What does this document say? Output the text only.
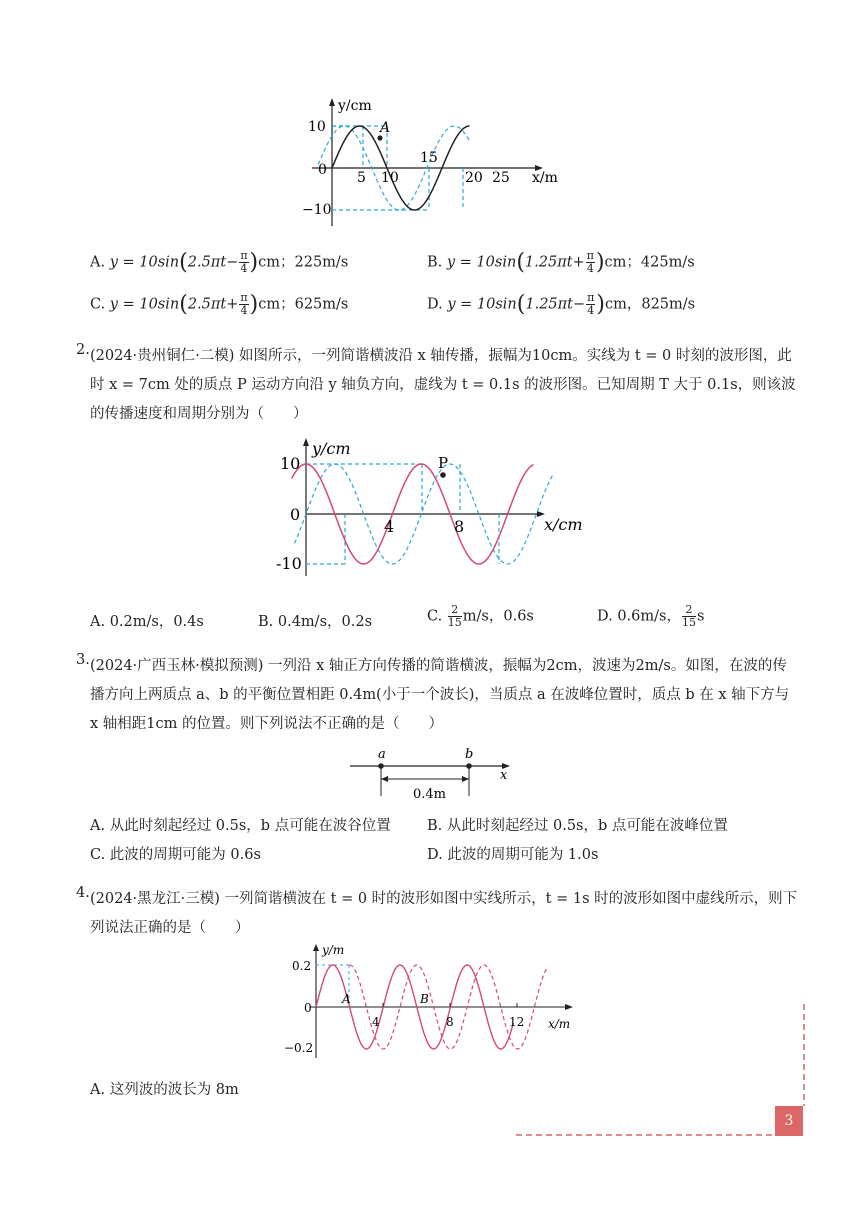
A
y/cm
x/m
10
0
−10
5 10
15
20 25
A. $y = 10\sin(2.5\pi t- \frac{\pi}{4} )cm$；225m/s	B. $y = 10\sin(1.25\pi t+ \frac{\pi}{4} )cm$；425m/s
C. $y = 10\sin(2.5\pi t+ \frac{\pi}{4} )cm$；625m/s	D. $y = 10\sin(1.25\pi t- \frac{\pi}{4} )cm$，825m/s
2. (2024·贵州铜仁·二模) 如图所示，一列简谐横波沿 x 轴传播，振幅为10cm。实线为 t = 0 时刻的波形图，此时 x = 7cm 处的质点 P 运动方向沿 y 轴负方向，虚线为 t = 0.1s 的波形图。已知周期 T 大于 0.1s，则该波的传播速度和周期分别为（　　）
P
y/cm
x/cm
10
0
-10
4	8
A. 0.2m/s，0.4s	B. 0.4m/s，0.2s	C. $\frac{2}{15} m/s$，0.6s	D. 0.6m/s， $\frac{2}{15}$ s
3. (2024·广西玉林·模拟预测) 一列沿 x 轴正方向传播的简谐横波，振幅为2cm，波速为2m/s。如图，在波的传播方向上两质点 a、b 的平衡位置相距 0.4m(小于一个波长)，当质点 a 在波峰位置时，质点 b 在 x 轴下方与 x 轴相距1cm 的位置。则下列说法不正确的是（　　）
a	b
x
0.4m
A. 从此时刻起经过 0.5s，b 点可能在波谷位置	B. 从此时刻起经过 0.5s，b 点可能在波峰位置
C. 此波的周期可能为 0.6s	D. 此波的周期可能为 1.0s
4. (2024·黑龙江·三模) 一列简谐横波在 t = 0 时的波形如图中实线所示，t = 1s 时的波形如图中虚线所示，则下列说法正确的是（　　）
A	B
y/m
x/m
0.2
0
−0.2
4	8	12
A. 这列波的波长为 8m
3
